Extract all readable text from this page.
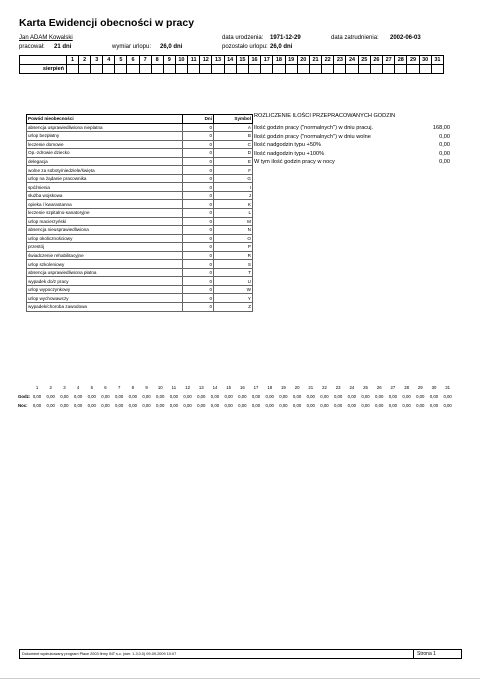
Karta Ewidencji obecności w pracy
Jan ADAM Kowalski	data urodzenia: 1971-12-29	data zatrudnienia: 2002-06-03
pracował: 21 dni	wymiar urlopu: 26,0 dni	pozostało urlopu: 26,0 dni
	1	2	3	4	5	6	7	8	9	10	11	12	13	14	15	16	17	18	19	20	21	22	23	24	25	26	27	28	29	30	31
sierpień																															
Powód nieobecności	Dni	Symbol
absencja usprawiedliwiona nieplatna	0	A
urlop bezpłatny	0	B
leczenie domowe	0	C
Op.-zdrowie dziecko	0	D
delegacja	0	E
wolne za soboty/niedziele/święta	0	F
urlop na żądanie pracownika	0	G
spóźnienia	0	I
służba wojskowa	0	J
opieka / kwarantanna	0	K
leczenie szpitalno-sanatoryjne	0	L
urlop macierzyński	0	M
absencja nieusprawiedliwiona	0	N
urlop okolicznościowy	0	O
przestój	0	P
świadczenie rehabilitacyjne	0	R
urlop szkoleniowy	0	S
absencja usprawiedliwiona płatna	0	T
wypadek do/z pracy	0	U
urlop wypoczynkowy	0	W
urlop wychowawczy	0	Y
wypadek/choroba zawodowa	0	Z
ROZLICZENIE ILOŚCI PRZEPRACOWANYCH GODZIN
Ilość godzin pracy ("normalnych") w dniu pracuj.	168,00
Ilość godzin pracy ("normalnych") w dniu wolne	0,00
Ilość nadgodzin typu +50%	0,00
Ilość nadgodzin typu +100%	0,00
W tym ilość godzin pracy w nocy	0,00
	1	2	3	4	5	6	7	8	9	10	11	12	13	14	15	16	17	18	19	20	21	22	23	24	25	26	27	28	29	30	31
Godz:	0,00	0,00	0,00	0,00	0,00	0,00	0,00	0,00	0,00	0,00	0,00	0,00	0,00	0,00	0,00	0,00	0,00	0,00	0,00	0,00	0,00	0,00	0,00	0,00	0,00	0,00	0,00	0,00	0,00	0,00	0,00
Noc:	0,00	0,00	0,00	0,00	0,00	0,00	0,00	0,00	0,00	0,00	0,00	0,00	0,00	0,00	0,00	0,00	0,00	0,00	0,00	0,00	0,00	0,00	0,00	0,00	0,00	0,00	0,00	0,00	0,00	0,00	0,00
Dokument wydrukowany program Płace 2003 firmy INT s.c. (wer. 1.3.0.0) 09-09-2009 10:07	Strona 1
